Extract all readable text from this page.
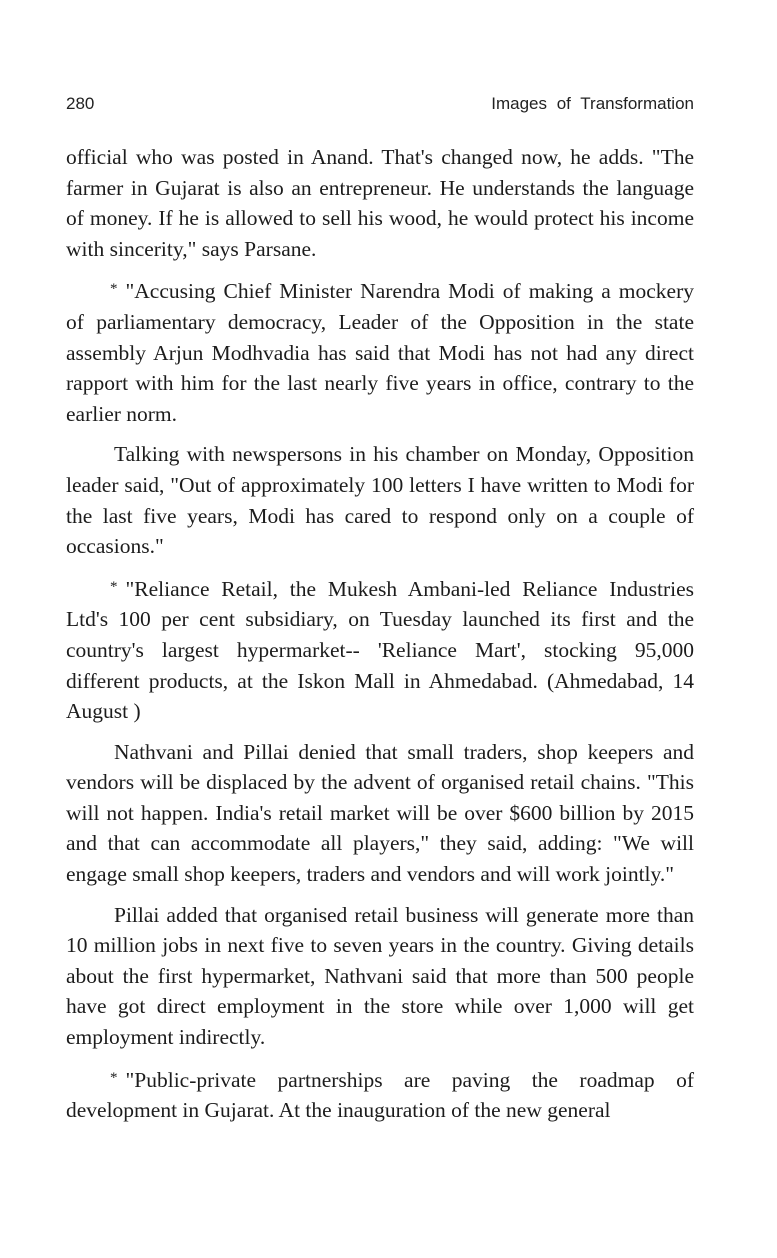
280	Images of Transformation

official who was posted in Anand. That's changed now, he adds. "The farmer in Gujarat is also an entrepreneur. He understands the language of money. If he is allowed to sell his wood, he would protect his income with sincerity," says Parsane.

* "Accusing Chief Minister Narendra Modi of making a mockery of parliamentary democracy, Leader of the Opposition in the state assembly Arjun Modhvadia has said that Modi has not had any direct rapport with him for the last nearly five years in office, contrary to the earlier norm.

Talking with newspersons in his chamber on Monday, Opposition leader said, "Out of approximately 100 letters I have written to Modi for the last five years, Modi has cared to respond only on a couple of occasions."

* "Reliance Retail, the Mukesh Ambani-led Reliance Industries Ltd's 100 per cent subsidiary, on Tuesday launched its first and the country's largest hypermarket-- 'Reliance Mart', stocking 95,000 different products, at the Iskon Mall in Ahmedabad. (Ahmedabad, 14 August )

Nathvani and Pillai denied that small traders, shop keepers and vendors will be displaced by the advent of organised retail chains. "This will not happen. India's retail market will be over $600 billion by 2015 and that can accommodate all players," they said, adding: "We will engage small shop keepers, traders and vendors and will work jointly."

Pillai added that organised retail business will generate more than 10 million jobs in next five to seven years in the country. Giving details about the first hypermarket, Nathvani said that more than 500 people have got direct employment in the store while over 1,000 will get employment indirectly.

* "Public-private partnerships are paving the roadmap of development in Gujarat. At the inauguration of the new general
